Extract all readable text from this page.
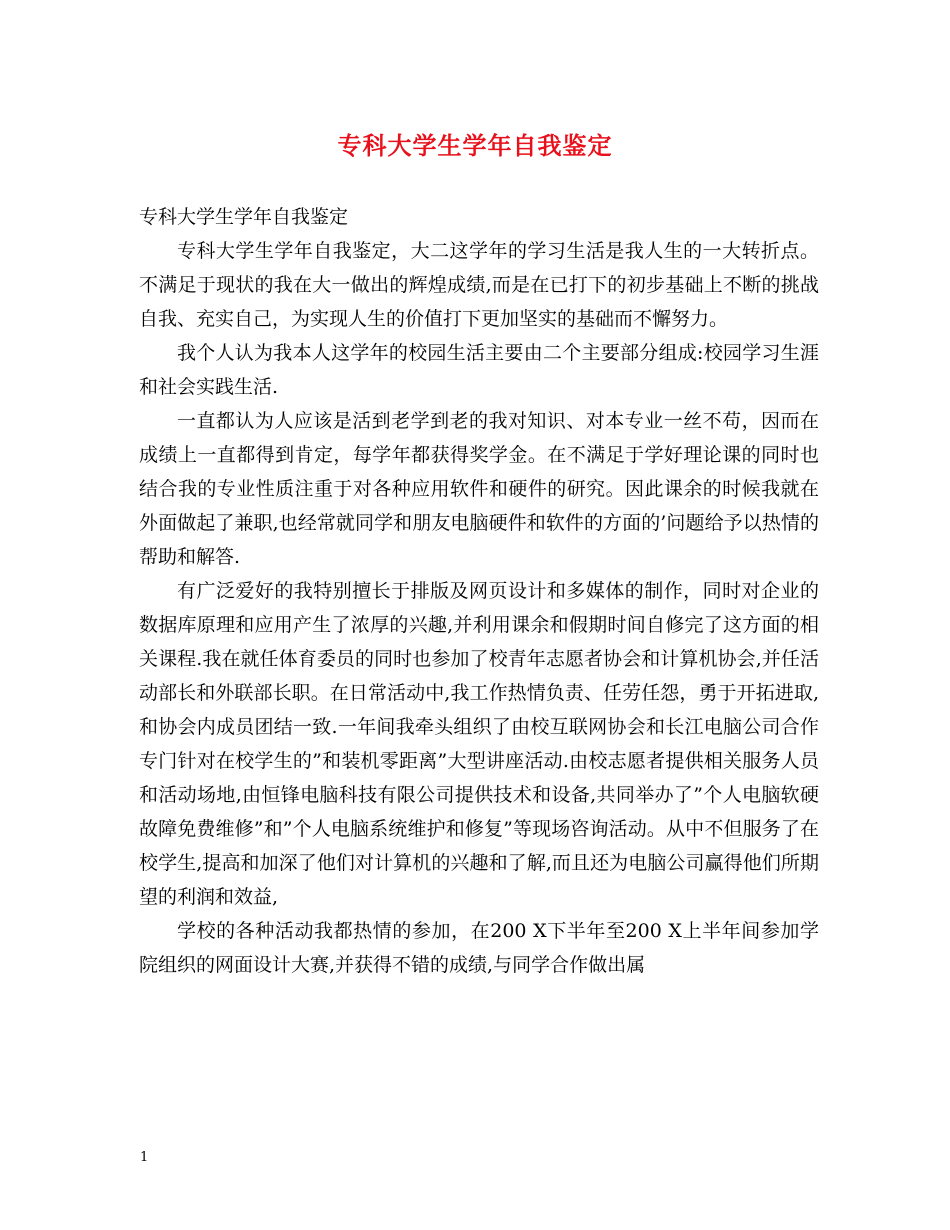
专科大学生学年自我鉴定

专科大学生学年自我鉴定

专科大学生学年自我鉴定，大二这学年的学习生活是我人生的一大转折点。不满足于现状的我在大一做出的辉煌成绩,而是在已打下的初步基础上不断的挑战自我、充实自己，为实现人生的价值打下更加坚实的基础而不懈努力。

我个人认为我本人这学年的校园生活主要由二个主要部分组成:校园学习生涯和社会实践生活.

一直都认为人应该是活到老学到老的我对知识、对本专业一丝不苟，因而在成绩上一直都得到肯定，每学年都获得奖学金。在不满足于学好理论课的同时也结合我的专业性质注重于对各种应用软件和硬件的研究。因此课余的时候我就在外面做起了兼职,也经常就同学和朋友电脑硬件和软件的方面的’问题给予以热情的帮助和解答.

有广泛爱好的我特别擅长于排版及网页设计和多媒体的制作，同时对企业的数据库原理和应用产生了浓厚的兴趣,并利用课余和假期时间自修完了这方面的相关课程.我在就任体育委员的同时也参加了校青年志愿者协会和计算机协会,并任活动部长和外联部长职。在日常活动中,我工作热情负责、任劳任怨，勇于开拓进取,和协会内成员团结一致.一年间我牵头组织了由校互联网协会和长江电脑公司合作专门针对在校学生的”和装机零距离”大型讲座活动.由校志愿者提供相关服务人员和活动场地,由恒锋电脑科技有限公司提供技术和设备,共同举办了”个人电脑软硬故障免费维修”和”个人电脑系统维护和修复”等现场咨询活动。从中不但服务了在校学生,提高和加深了他们对计算机的兴趣和了解,而且还为电脑公司赢得他们所期望的利润和效益,

学校的各种活动我都热情的参加，在200 X下半年至200 X上半年间参加学院组织的网面设计大赛,并获得不错的成绩,与同学合作做出属

1
